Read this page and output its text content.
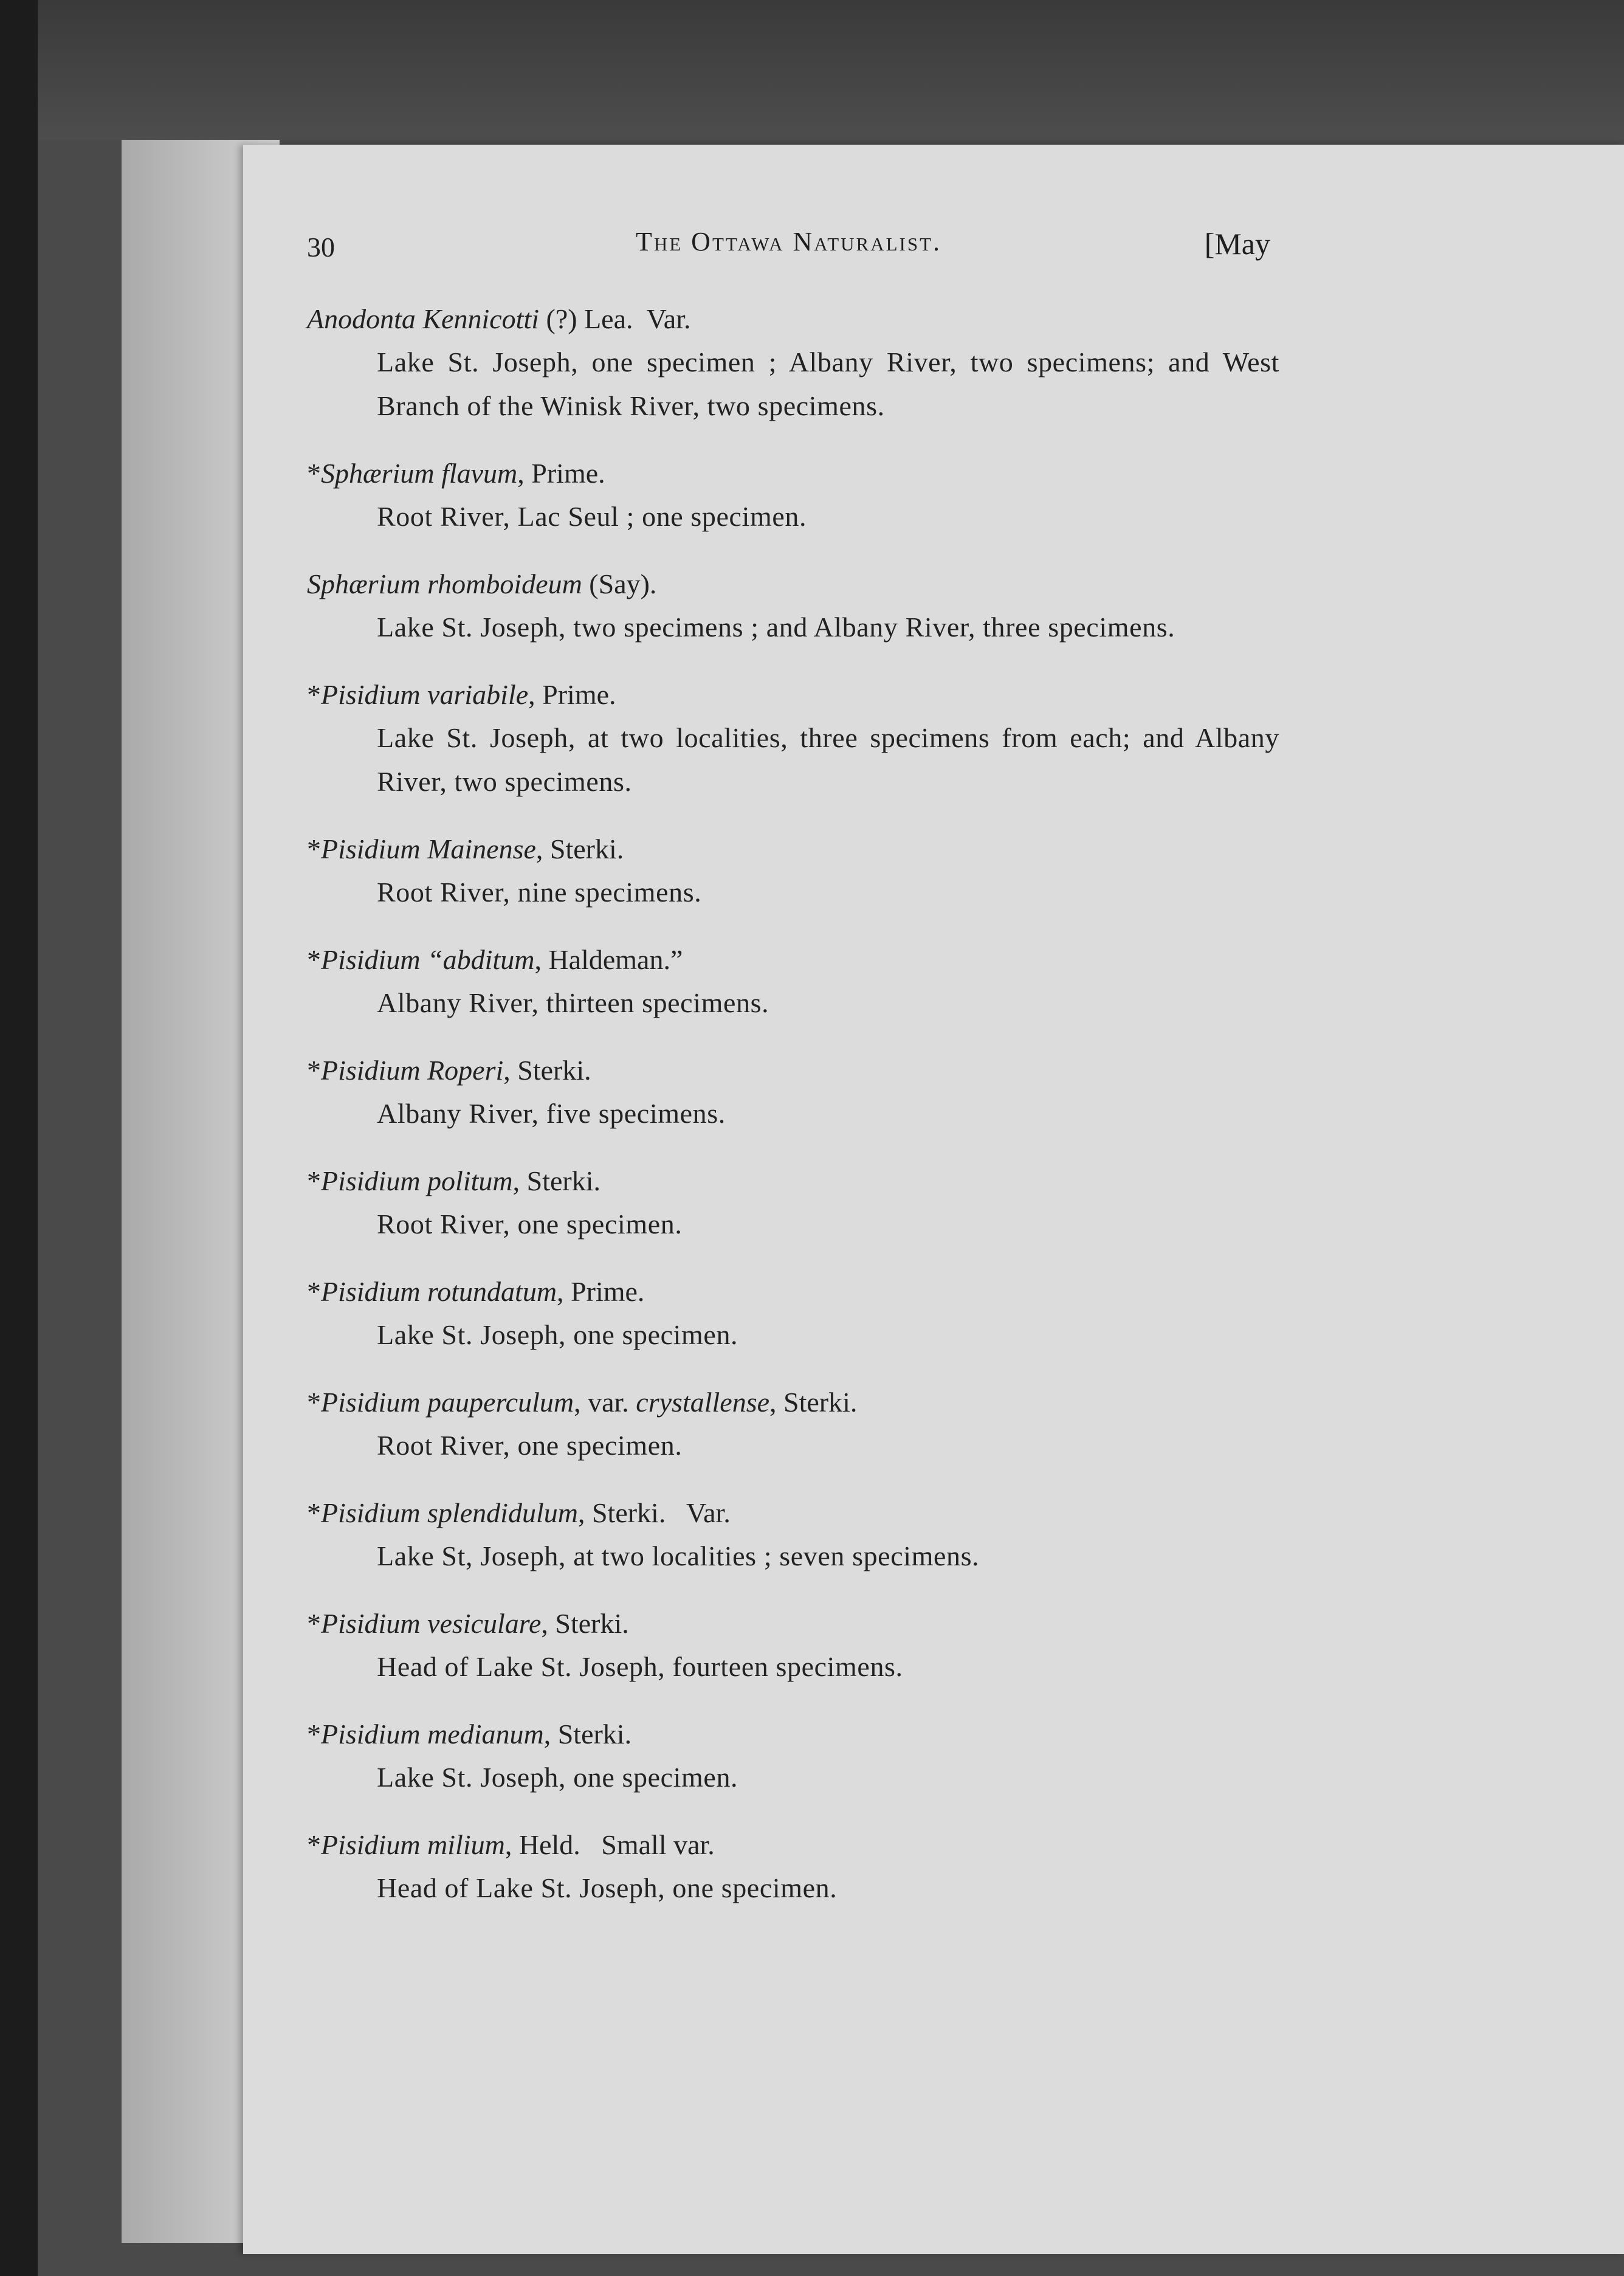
30	The Ottawa Naturalist.	[May
Anodonta Kennicotti (?) Lea.  Var.
Lake St. Joseph, one specimen ; Albany River, two specimens; and West Branch of the Winisk River, two specimens.
*Sphærium flavum, Prime.
Root River, Lac Seul ; one specimen.
Sphærium rhomboideum (Say).
Lake St. Joseph, two specimens ; and Albany River, three specimens.
*Pisidium variabile, Prime.
Lake St. Joseph, at two localities, three specimens from each; and Albany River, two specimens.
*Pisidium Mainense, Sterki.
Root River, nine specimens.
*Pisidium “abditum, Haldeman.”
Albany River, thirteen specimens.
*Pisidium Roperi, Sterki.
Albany River, five specimens.
*Pisidium politum, Sterki.
Root River, one specimen.
*Pisidium rotundatum, Prime.
Lake St. Joseph, one specimen.
*Pisidium pauperculum, var. crystallense, Sterki.
Root River, one specimen.
*Pisidium splendidulum, Sterki.   Var.
Lake St, Joseph, at two localities ; seven specimens.
*Pisidium vesiculare, Sterki.
Head of Lake St. Joseph, fourteen specimens.
*Pisidium medianum, Sterki.
Lake St. Joseph, one specimen.
*Pisidium milium, Held.   Small var.
Head of Lake St. Joseph, one specimen.
